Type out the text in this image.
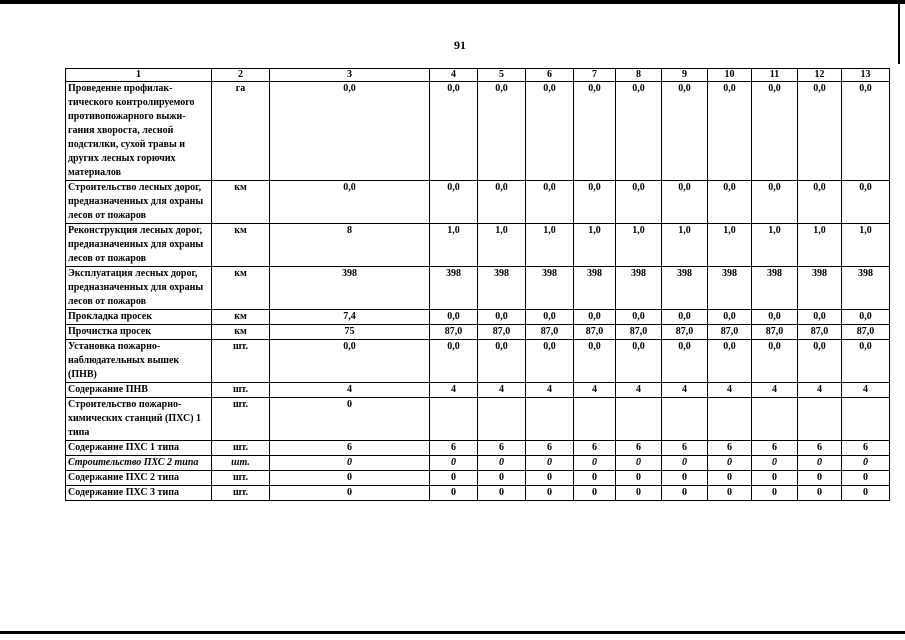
91
1	2	3	4	5	6	7	8	9	10	11	12	13
Проведение профилак-тического контролируемого противопожарного выжи-гания хворостa, лесной подстилки, сухой травы и других лесных горючих материалов	га	0,0	0,0	0,0	0,0	0,0	0,0	0,0	0,0	0,0	0,0	0,0
Строительство лесных дорог, предназначенных для охраны лесов от пожаров	км	0,0	0,0	0,0	0,0	0,0	0,0	0,0	0,0	0,0	0,0	0,0
Реконструкция лесных дорог, предназначенных для охраны лесов от пожаров	км	8	1,0	1,0	1,0	1,0	1,0	1,0	1,0	1,0	1,0	1,0
Эксплуатация лесных дорог, предназначенных для охраны лесов от пожаров	км	398	398	398	398	398	398	398	398	398	398	398
Прокладка просек	км	7,4	0,0	0,0	0,0	0,0	0,0	0,0	0,0	0,0	0,0	0,0
Прочистка просек	км	75	87,0	87,0	87,0	87,0	87,0	87,0	87,0	87,0	87,0	87,0
Установка пожарно-наблюдательных вышек (ПНВ)	шт.	0,0	0,0	0,0	0,0	0,0	0,0	0,0	0,0	0,0	0,0	0,0
Содержание ПНВ	шт.	4	4	4	4	4	4	4	4	4	4	4
Строительство пожарно-химических станций (ПХС) 1 типа	шт.	0										
Содержание ПХС 1 типа	шт.	6	6	6	6	6	6	6	6	6	6	6
Строительство ПХС 2 типа	шт.	0	0	0	0	0	0	0	0	0	0	0
Содержание ПХС 2 типа	шт.	0	0	0	0	0	0	0	0	0	0	0
Содержание ПХС 3 типа	шт.	0	0	0	0	0	0	0	0	0	0	0
